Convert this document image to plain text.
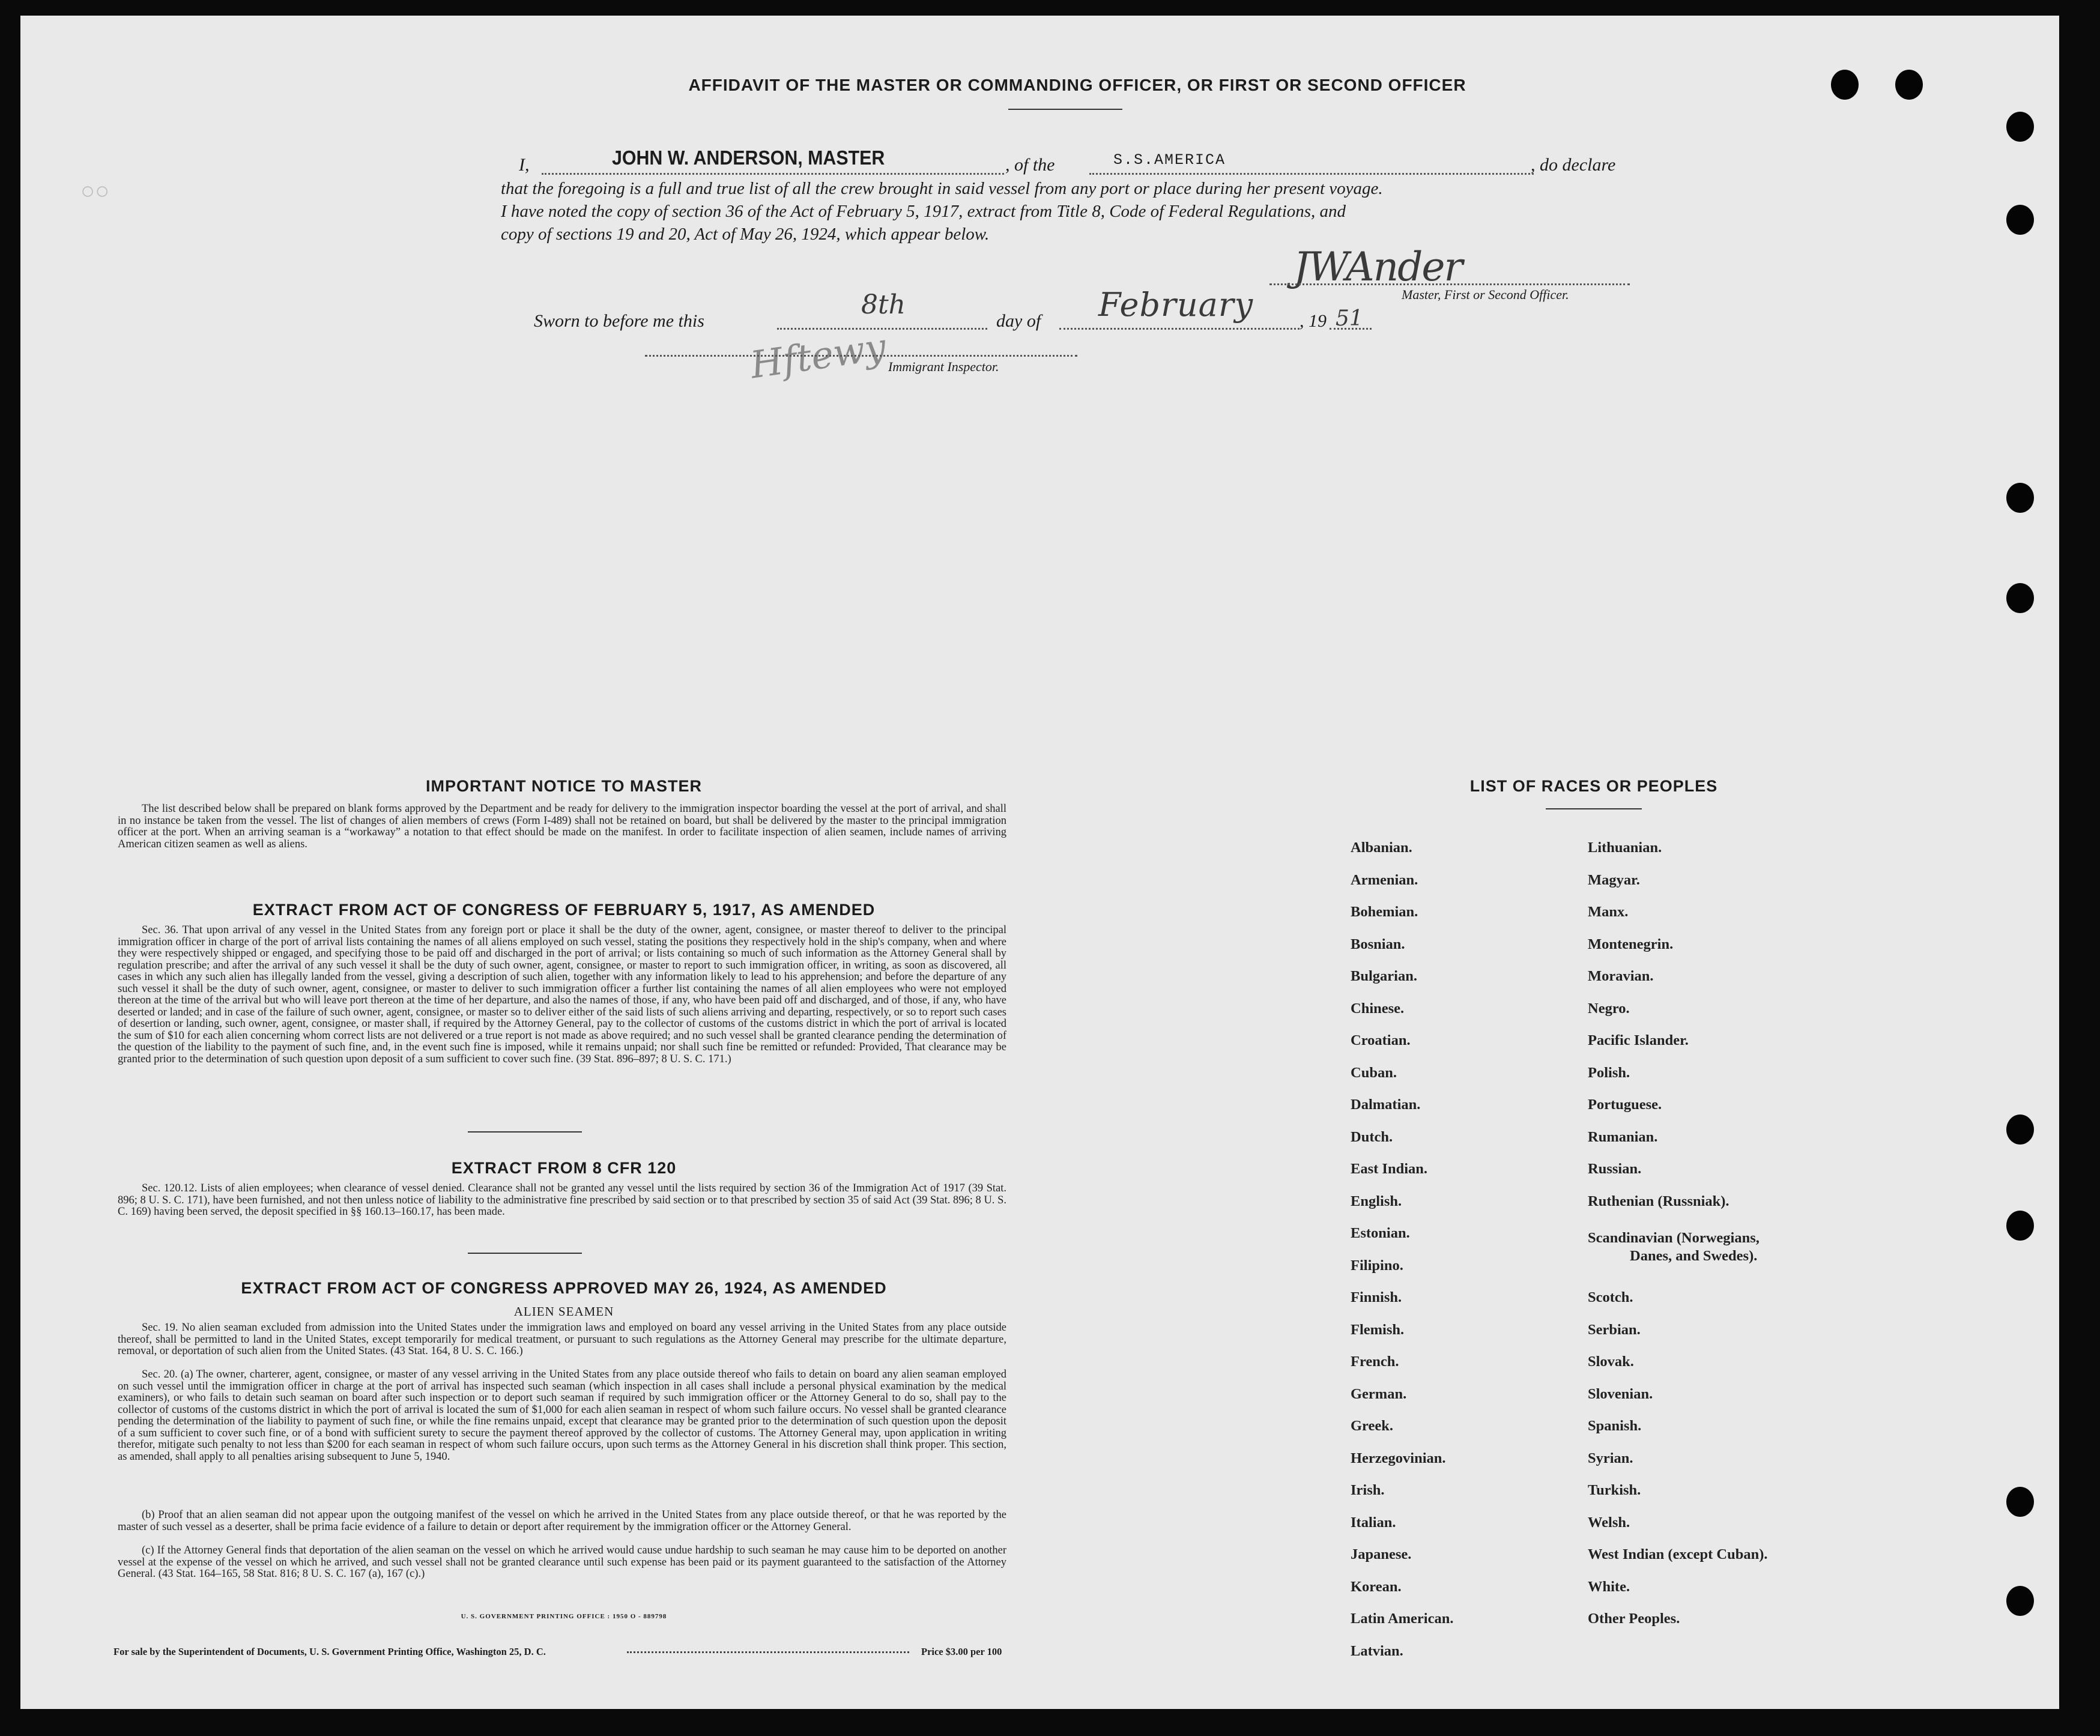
AFFIDAVIT OF THE MASTER OR COMMANDING OFFICER, OR FIRST OR SECOND OFFICER
I,	JOHN W. ANDERSON, MASTER	, of the	S.S.AMERICA	, do declare
that the foregoing is a full and true list of all the crew brought in said vessel from any port or place during her present voyage.
I have noted the copy of section 36 of the Act of February 5, 1917, extract from Title 8, Code of Federal Regulations, and
copy of sections 19 and 20, Act of May 26, 1924, which appear below.
JWAnder
Master, First or Second Officer.
Sworn to before me this
8th
day of February	, 19 51
Hftewy Immigrant Inspector.
IMPORTANT NOTICE TO MASTER
The list described below shall be prepared on blank forms approved by the Department and be ready for delivery to the immigration inspector boarding the vessel at the port of arrival, and shall in no instance be taken from the vessel. The list of changes of alien members of crews (Form I-489) shall not be retained on board, but shall be delivered by the master to the principal immigration officer at the port. When an arriving seaman is a “workaway” a notation to that effect should be made on the manifest. In order to facilitate inspection of alien seamen, include names of arriving American citizen seamen as well as aliens.
EXTRACT FROM ACT OF CONGRESS OF FEBRUARY 5, 1917, AS AMENDED
Sec. 36. That upon arrival of any vessel in the United States from any foreign port or place it shall be the duty of the owner, agent, consignee, or master thereof to deliver to the principal immigration officer in charge of the port of arrival lists containing the names of all aliens employed on such vessel, stating the positions they respectively hold in the ship's company, when and where they were respectively shipped or engaged, and specifying those to be paid off and discharged in the port of arrival; or lists containing so much of such information as the Attorney General shall by regulation prescribe; and after the arrival of any such vessel it shall be the duty of such owner, agent, consignee, or master to report to such immigration officer, in writing, as soon as discovered, all cases in which any such alien has illegally landed from the vessel, giving a description of such alien, together with any information likely to lead to his apprehension; and before the departure of any such vessel it shall be the duty of such owner, agent, consignee, or master to deliver to such immigration officer a further list containing the names of all alien employees who were not employed thereon at the time of the arrival but who will leave port thereon at the time of her departure, and also the names of those, if any, who have been paid off and discharged, and of those, if any, who have deserted or landed; and in case of the failure of such owner, agent, consignee, or master so to deliver either of the said lists of such aliens arriving and departing, respectively, or so to report such cases of desertion or landing, such owner, agent, consignee, or master shall, if required by the Attorney General, pay to the collector of customs of the customs district in which the port of arrival is located the sum of $10 for each alien concerning whom correct lists are not delivered or a true report is not made as above required; and no such vessel shall be granted clearance pending the determination of the question of the liability to the payment of such fine, and, in the event such fine is imposed, while it remains unpaid; nor shall such fine be remitted or refunded: Provided, That clearance may be granted prior to the determination of such question upon deposit of a sum sufficient to cover such fine. (39 Stat. 896–897; 8 U. S. C. 171.)
EXTRACT FROM 8 CFR 120
Sec. 120.12. Lists of alien employees; when clearance of vessel denied. Clearance shall not be granted any vessel until the lists required by section 36 of the Immigration Act of 1917 (39 Stat. 896; 8 U. S. C. 171), have been furnished, and not then unless notice of liability to the administrative fine prescribed by said section or to that prescribed by section 35 of said Act (39 Stat. 896; 8 U. S. C. 169) having been served, the deposit specified in §§ 160.13–160.17, has been made.
EXTRACT FROM ACT OF CONGRESS APPROVED MAY 26, 1924, AS AMENDED
ALIEN SEAMEN
Sec. 19. No alien seaman excluded from admission into the United States under the immigration laws and employed on board any vessel arriving in the United States from any place outside thereof, shall be permitted to land in the United States, except temporarily for medical treatment, or pursuant to such regulations as the Attorney General may prescribe for the ultimate departure, removal, or deportation of such alien from the United States. (43 Stat. 164, 8 U. S. C. 166.)
Sec. 20. (a) The owner, charterer, agent, consignee, or master of any vessel arriving in the United States from any place outside thereof who fails to detain on board any alien seaman employed on such vessel until the immigration officer in charge at the port of arrival has inspected such seaman (which inspection in all cases shall include a personal physical examination by the medical examiners), or who fails to detain such seaman on board after such inspection or to deport such seaman if required by such immigration officer or the Attorney General to do so, shall pay to the collector of customs of the customs district in which the port of arrival is located the sum of $1,000 for each alien seaman in respect of whom such failure occurs. No vessel shall be granted clearance pending the determination of the liability to payment of such fine, or while the fine remains unpaid, except that clearance may be granted prior to the determination of such question upon the deposit of a sum sufficient to cover such fine, or of a bond with sufficient surety to secure the payment thereof approved by the collector of customs. The Attorney General may, upon application in writing therefor, mitigate such penalty to not less than $200 for each seaman in respect of whom such failure occurs, upon such terms as the Attorney General in his discretion shall think proper. This section, as amended, shall apply to all penalties arising subsequent to June 5, 1940.
(b) Proof that an alien seaman did not appear upon the outgoing manifest of the vessel on which he arrived in the United States from any place outside thereof, or that he was reported by the master of such vessel as a deserter, shall be prima facie evidence of a failure to detain or deport after requirement by the immigration officer or the Attorney General.
(c) If the Attorney General finds that deportation of the alien seaman on the vessel on which he arrived would cause undue hardship to such seaman he may cause him to be deported on another vessel at the expense of the vessel on which he arrived, and such vessel shall not be granted clearance until such expense has been paid or its payment guaranteed to the satisfaction of the Attorney General. (43 Stat. 164–165, 58 Stat. 816; 8 U. S. C. 167 (a), 167 (c).)
U. S. GOVERNMENT PRINTING OFFICE : 1950 O - 889798
For sale by the Superintendent of Documents, U. S. Government Printing Office, Washington 25, D. C.	Price $3.00 per 100
LIST OF RACES OR PEOPLES
○○
Albanian.
Armenian.
Bohemian.
Bosnian.
Bulgarian.
Chinese.
Croatian.
Cuban.
Dalmatian.
Dutch.
East Indian.
English.
Estonian.
Filipino.
Finnish.
Flemish.
French.
German.
Greek.
Herzegovinian.
Irish.
Italian.
Japanese.
Korean.
Latin American.
Latvian.
Lithuanian.
Magyar.
Manx.
Montenegrin.
Moravian.
Negro.
Pacific Islander.
Polish.
Portuguese.
Rumanian.
Russian.
Ruthenian (Russniak).
Scandinavian (Norwegians,
Danes, and Swedes).
Scotch.
Serbian.
Slovak.
Slovenian.
Spanish.
Syrian.
Turkish.
Welsh.
West Indian (except Cuban).
White.
Other Peoples.
